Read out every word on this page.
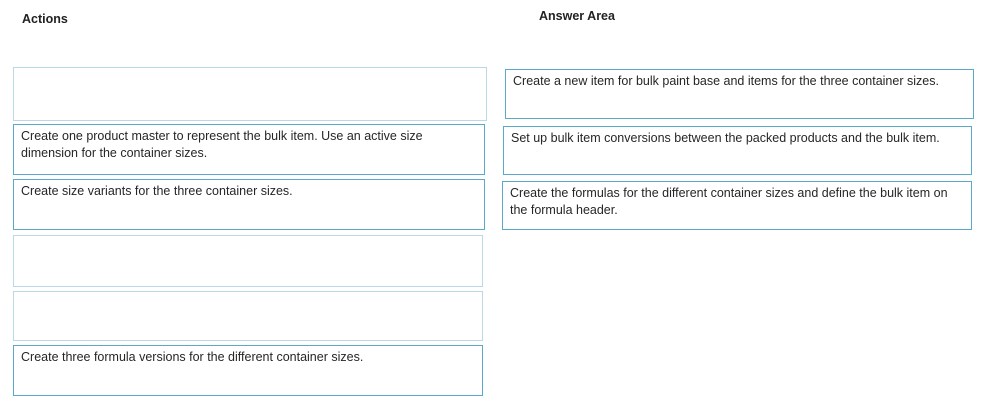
Actions	Answer Area
Create one product master to represent the bulk item. Use an active size dimension for the container sizes.
Create size variants for the three container sizes.
Create three formula versions for the different container sizes.
Create a new item for bulk paint base and items for the three container sizes.
Set up bulk item conversions between the packed products and the bulk item.
Create the formulas for the different container sizes and define the bulk item on the formula header.
